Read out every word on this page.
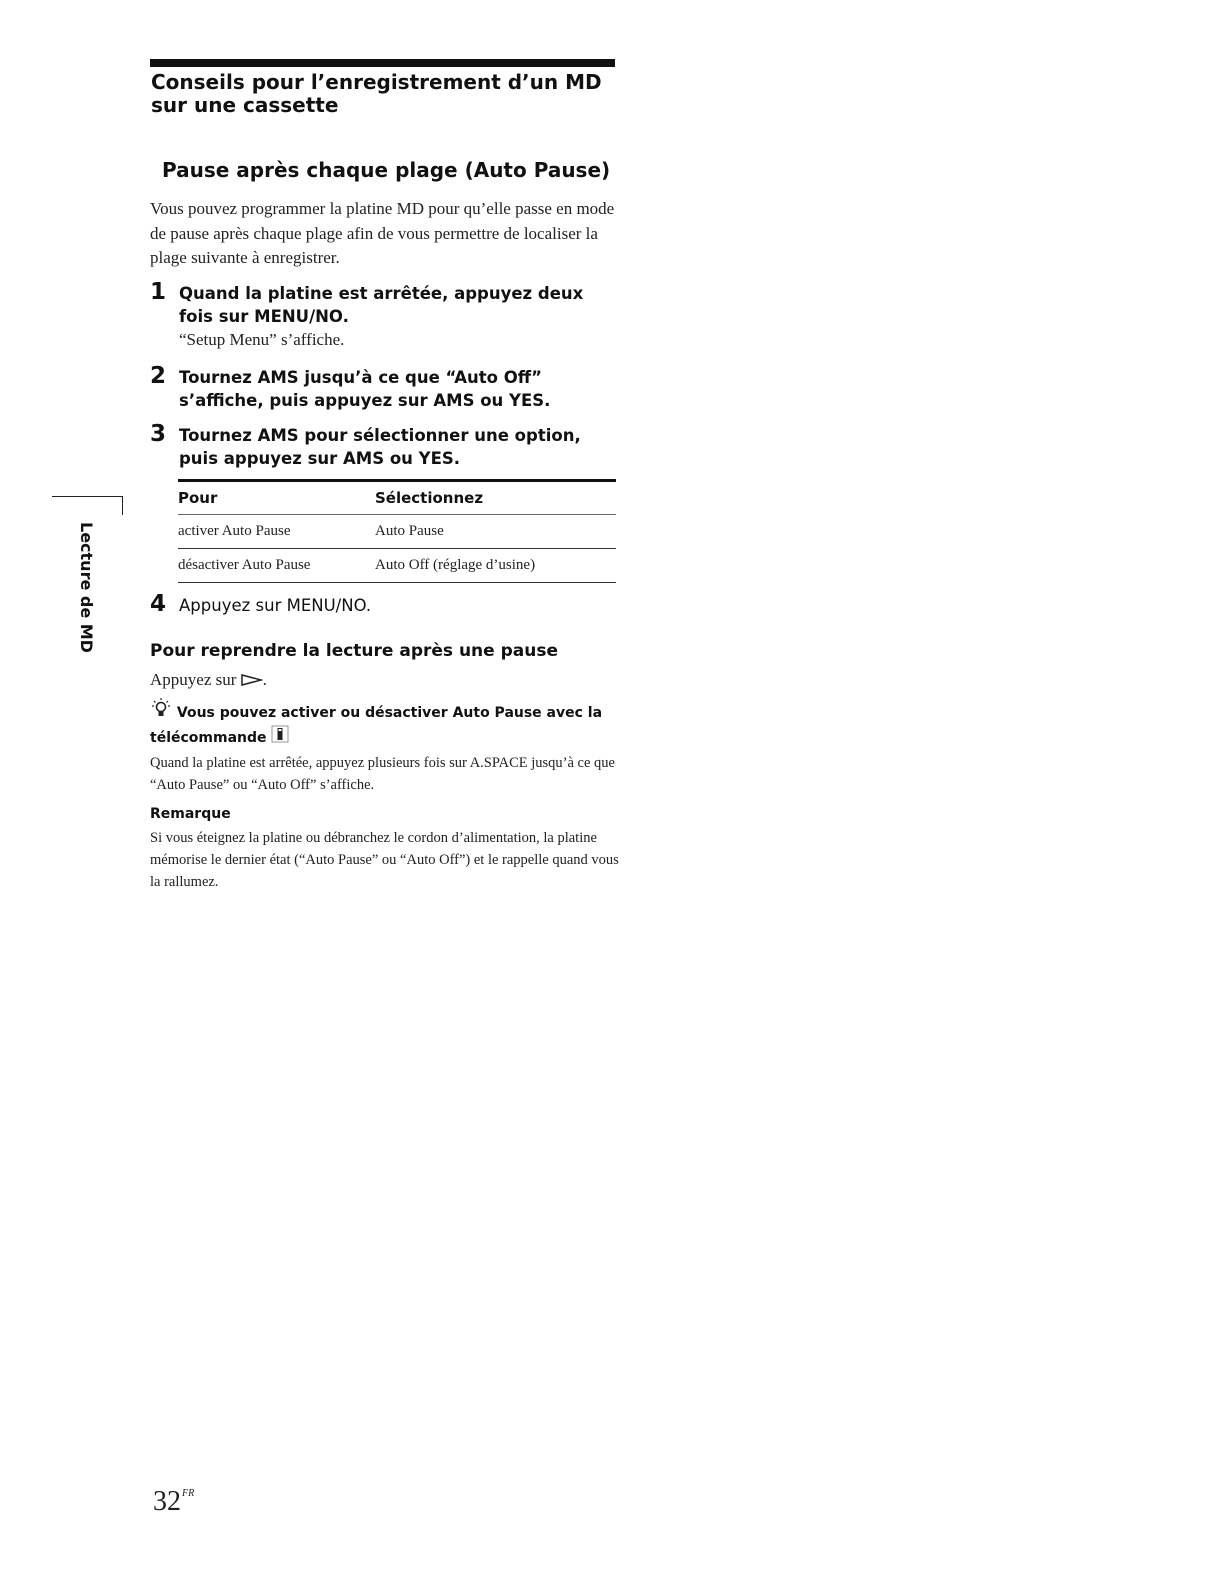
Conseils pour l’enregistrement d’un MD sur une cassette
Pause après chaque plage (Auto Pause)

Vous pouvez programmer la platine MD pour qu’elle passe en mode de pause après chaque plage afin de vous permettre de localiser la plage suivante à enregistrer.

1 Quand la platine est arrêtée, appuyez deux fois sur MENU/NO.
“Setup Menu” s’affiche.
2 Tournez AMS jusqu’à ce que “Auto Off” s’affiche, puis appuyez sur AMS ou YES.
3 Tournez AMS pour sélectionner une option, puis appuyez sur AMS ou YES.
Pour	Sélectionnez
activer Auto Pause	Auto Pause
désactiver Auto Pause	Auto Off (réglage d’usine)
4 Appuyez sur MENU/NO.
Pour reprendre la lecture après une pause

Appuyez sur .

Vous pouvez activer ou désactiver Auto Pause avec la télécommande

Quand la platine est arrêtée, appuyez plusieurs fois sur A.SPACE jusqu’à ce que “Auto Pause” ou “Auto Off” s’affiche.

Remarque

Si vous éteignez la platine ou débranchez le cordon d’alimentation, la platine mémorise le dernier état (“Auto Pause” ou “Auto Off”) et le rappelle quand vous la rallumez.

Lecture de MD
$32^{FR}$
